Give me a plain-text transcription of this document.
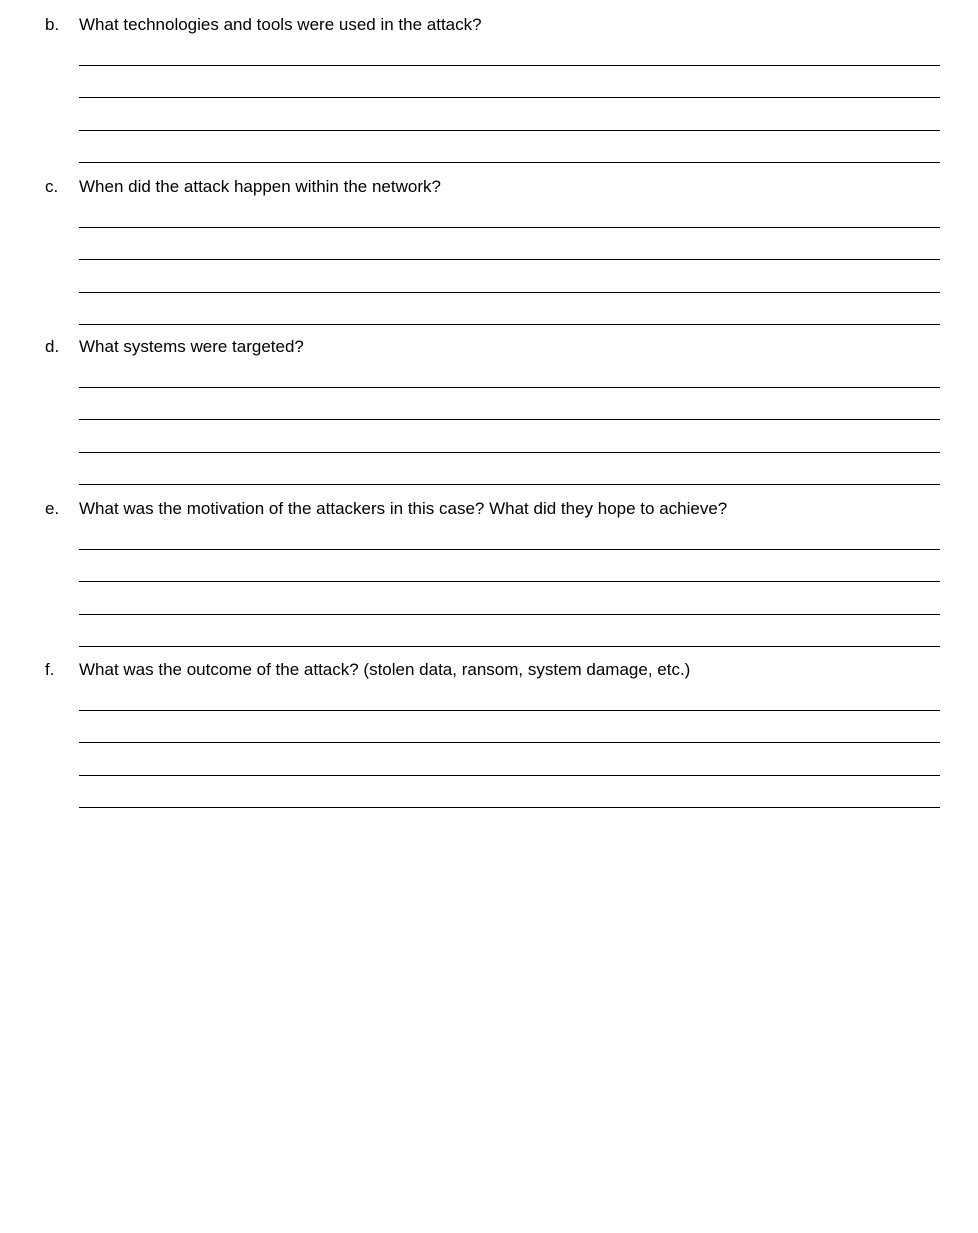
b. What technologies and tools were used in the attack?
c. When did the attack happen within the network?
d. What systems were targeted?
e. What was the motivation of the attackers in this case? What did they hope to achieve?
f. What was the outcome of the attack? (stolen data, ransom, system damage, etc.)
